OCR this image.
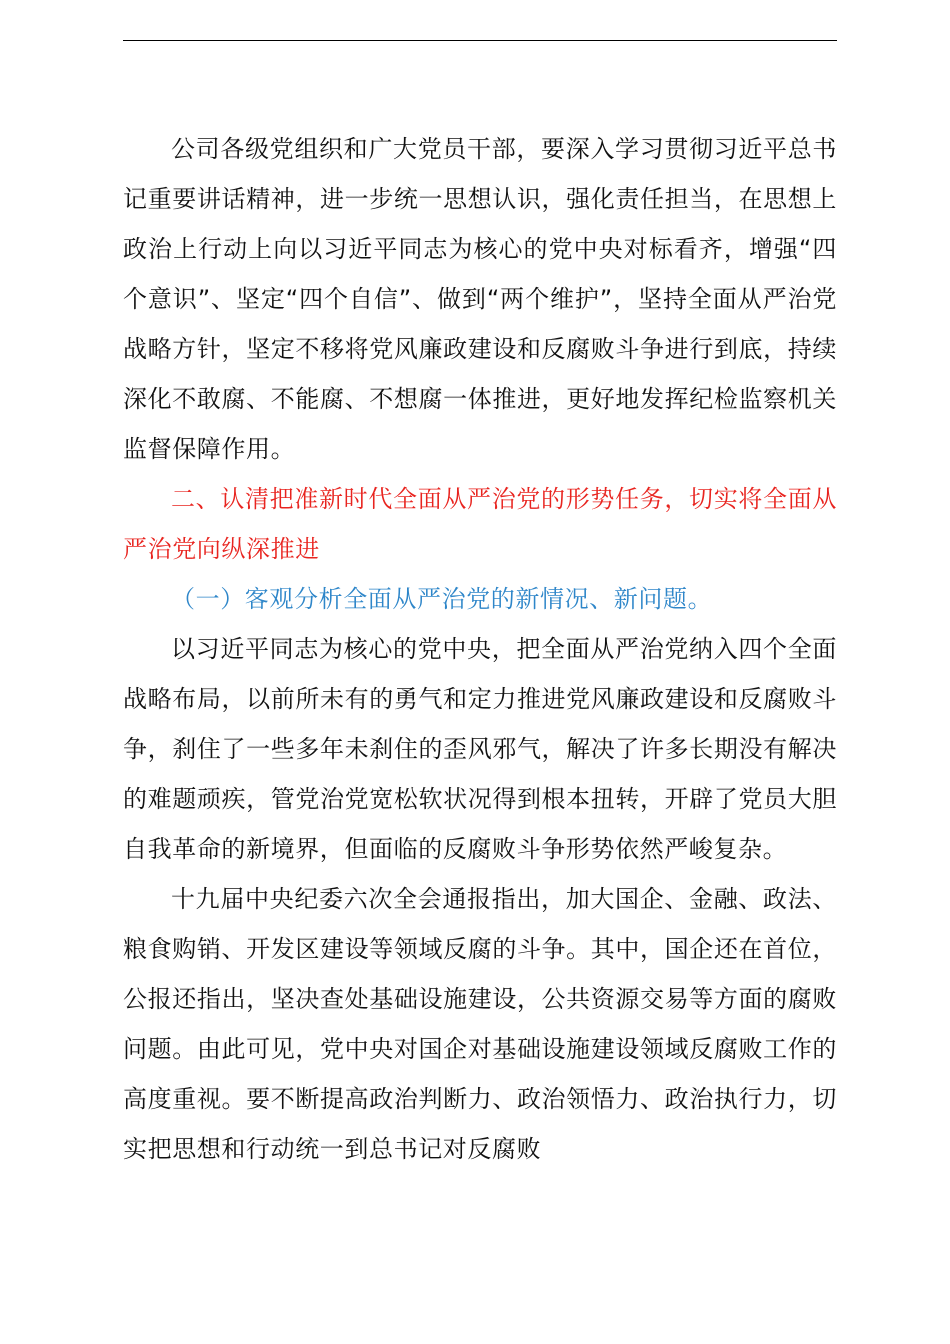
公司各级党组织和广大党员干部，要深入学习贯彻习近平总书记重要讲话精神，进一步统一思想认识，强化责任担当，在思想上政治上行动上向以习近平同志为核心的党中央对标看齐，增强“四个意识”、坚定“四个自信”、做到“两个维护”，坚持全面从严治党战略方针，坚定不移将党风廉政建设和反腐败斗争进行到底，持续深化不敢腐、不能腐、不想腐一体推进，更好地发挥纪检监察机关监督保障作用。

二、认清把准新时代全面从严治党的形势任务，切实将全面从严治党向纵深推进

（一）客观分析全面从严治党的新情况、新问题。

以习近平同志为核心的党中央，把全面从严治党纳入四个全面战略布局，以前所未有的勇气和定力推进党风廉政建设和反腐败斗争，刹住了一些多年未刹住的歪风邪气，解决了许多长期没有解决的难题顽疾，管党治党宽松软状况得到根本扭转，开辟了党员大胆自我革命的新境界，但面临的反腐败斗争形势依然严峻复杂。

十九届中央纪委六次全会通报指出，加大国企、金融、政法、粮食购销、开发区建设等领域反腐的斗争。其中，国企还在首位，公报还指出，坚决查处基础设施建设，公共资源交易等方面的腐败问题。由此可见，党中央对国企对基础设施建设领域反腐败工作的高度重视。要不断提高政治判断力、政治领悟力、政治执行力，切实把思想和行动统一到总书记对反腐败
